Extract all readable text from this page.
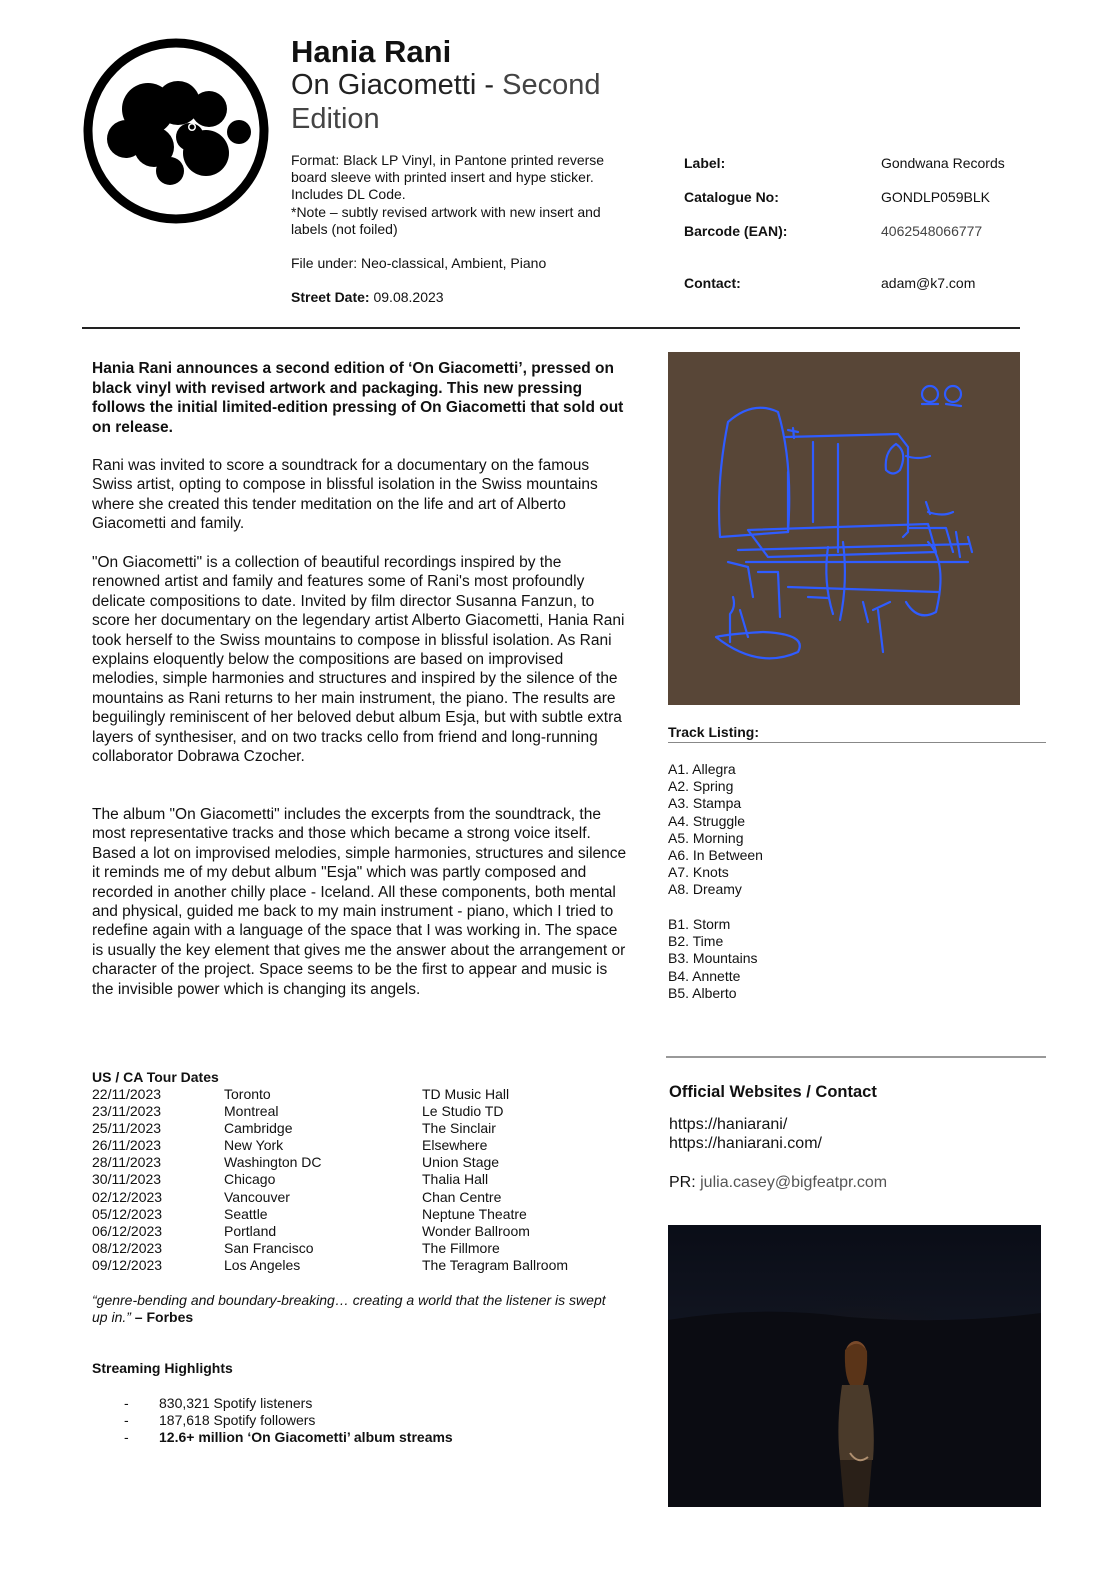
Hania Rani
On Giacometti - Second Edition
Format: Black LP Vinyl, in Pantone printed reverse
board sleeve with printed insert and hype sticker.
Includes DL Code.
*Note – subtly revised artwork with new insert and
labels (not foiled)
File under: Neo-classical, Ambient, Piano
Street Date: 09.08.2023
Label:	Gondwana Records
Catalogue No:	GONDLP059BLK
Barcode (EAN):	4062548066777
Contact:	adam@k7.com
Hania Rani announces a second edition of ‘On Giacometti’, pressed on black vinyl with revised artwork and packaging. This new pressing follows the initial limited-edition pressing of On Giacometti that sold out on release.
Rani was invited to score a soundtrack for a documentary on the famous Swiss artist, opting to compose in blissful isolation in the Swiss mountains where she created this tender meditation on the life and art of Alberto Giacometti and family.
"On Giacometti" is a collection of beautiful recordings inspired by the renowned artist and family and features some of Rani's most profoundly delicate compositions to date. Invited by film director Susanna Fanzun, to score her documentary on the legendary artist Alberto Giacometti, Hania Rani took herself to the Swiss mountains to compose in blissful isolation. As Rani explains eloquently below the compositions are based on improvised melodies, simple harmonies and structures and inspired by the silence of the mountains as Rani returns to her main instrument, the piano. The results are beguilingly reminiscent of her beloved debut album Esja, but with subtle extra layers of synthesiser, and on two tracks cello from friend and long-running collaborator Dobrawa Czocher.
The album "On Giacometti" includes the excerpts from the soundtrack, the most representative tracks and those which became a strong voice itself. Based a lot on improvised melodies, simple harmonies, structures and silence it reminds me of my debut album "Esja" which was partly composed and recorded in another chilly place - Iceland. All these components, both mental and physical, guided me back to my main instrument - piano, which I tried to redefine again with a language of the space that I was working in. The space is usually the key element that gives me the answer about the arrangement or character of the project. Space seems to be the first to appear and music is the invisible power which is changing its angels.
Track Listing:
A1. Allegra
A2. Spring
A3. Stampa
A4. Struggle
A5. Morning
A6. In Between
A7. Knots
A8. Dreamy
B1. Storm
B2. Time
B3. Mountains
B4. Annette
B5. Alberto
US / CA Tour Dates
22/11/2023	Toronto	TD Music Hall
23/11/2023	Montreal	Le Studio TD
25/11/2023	Cambridge	The Sinclair
26/11/2023	New York	Elsewhere
28/11/2023	Washington DC	Union Stage
30/11/2023	Chicago	Thalia Hall
02/12/2023	Vancouver	Chan Centre
05/12/2023	Seattle	Neptune Theatre
06/12/2023	Portland	Wonder Ballroom
08/12/2023	San Francisco	The Fillmore
09/12/2023	Los Angeles	The Teragram Ballroom
“genre-bending and boundary-breaking… creating a world that the listener is swept up in.” – Forbes
Streaming Highlights
- 830,321 Spotify listeners
- 187,618 Spotify followers
- 12.6+ million ‘On Giacometti’ album streams
Official Websites / Contact
https://haniarani/
https://haniarani.com/
PR: julia.casey@bigfeatpr.com
